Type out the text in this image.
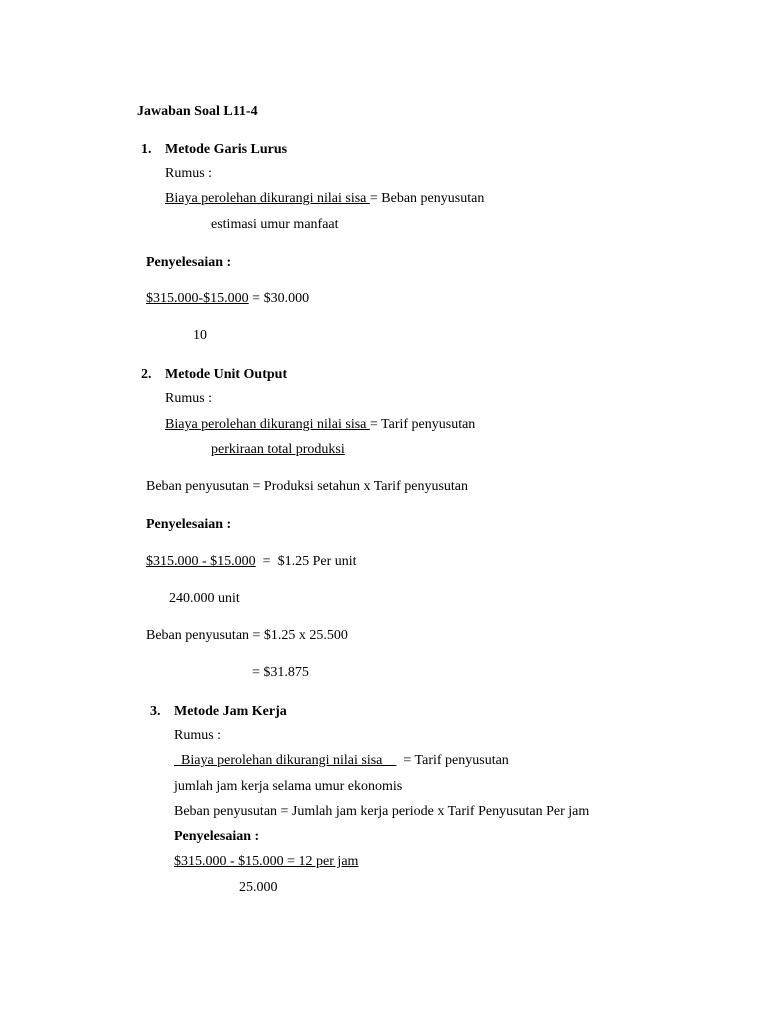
Jawaban Soal L11-4
1. Metode Garis Lurus
Rumus :
Biaya perolehan dikurangi nilai sisa = Beban penyusutan
estimasi umur manfaat
Penyelesaian :
$315.000-$15.000 = $30.000
10
2. Metode Unit Output
Rumus :
Biaya perolehan dikurangi nilai sisa = Tarif penyusutan
perkiraan total produksi
Beban penyusutan = Produksi setahun x Tarif penyusutan
Penyelesaian :
$315.000 - $15.000  =  $1.25 Per unit
240.000 unit
Beban penyusutan = $1.25 x 25.500
= $31.875
3. Metode Jam Kerja
Rumus :
Biaya perolehan dikurangi nilai sisa      = Tarif penyusutan
jumlah jam kerja selama umur ekonomis
Beban penyusutan = Jumlah jam kerja periode x Tarif Penyusutan Per jam
Penyelesaian :
$315.000 - $15.000 = 12 per jam
25.000
